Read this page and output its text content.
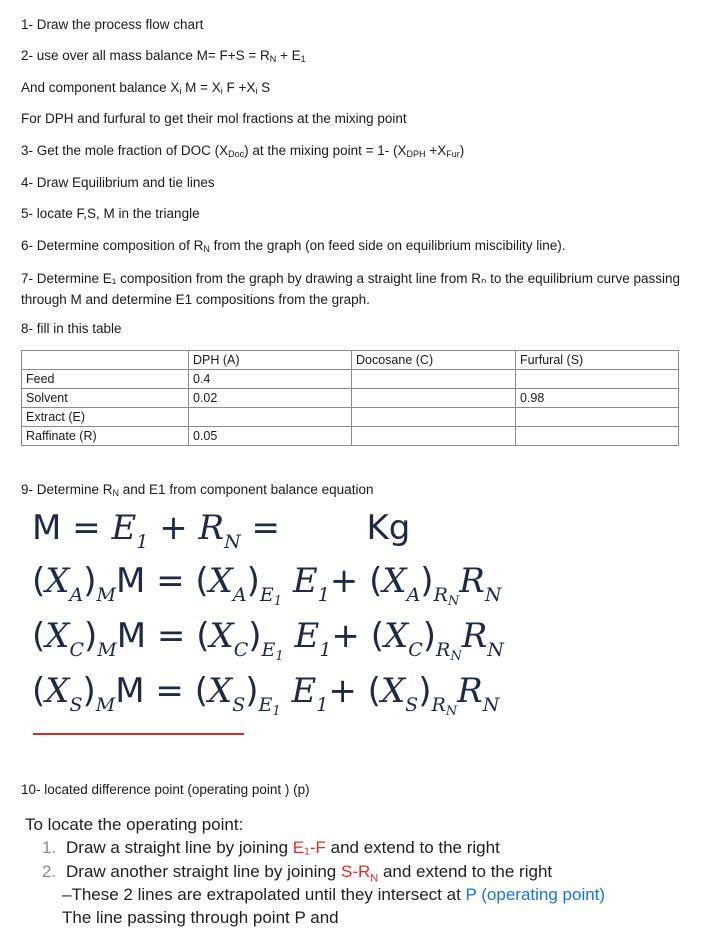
1- Draw the process flow chart
2- use over all mass balance $M= F+S = R_N + E_1$
And component balance $X_i$ $M = X_i$ $F +X_i$ S
For DPH and furfural to get their mol fractions at the mixing point
3- Get the mole fraction of DOC $(X_{Doc})$ at the mixing point = 1- $(X_{DPH} +X_{Fur})$
4- Draw Equilibrium and tie lines
5- locate F,S, M in the triangle
6- Determine composition of $R_N$ from the graph (on feed side on equilibrium miscibility line).
7- Determine E₁ composition from the graph by drawing a straight line from Rₙ to the equilibrium curve passing through M and determine E1 compositions from the graph.
8- fill in this table
	DPH (A)	Docosane (C)	Furfural (S)
Feed	0.4		
Solvent	0.02		0.98
Extract (E)			
Raffinate (R)	0.05		
9- Determine $R_N$ and E1 from component balance equation
$M = E_1 + R_N$ =        Kg
$(X_A)_MM = (X_A)_{E_1}$ $E_1+ (X_A)_{R_N}R_N$
$(X_C)_MM = (X_C)_{E_1}$ $E_1+ (X_C)_{R_N}R_N$
$(X_S)_MM = (X_S)_{E_1}$ $E_1+ (X_S)_{R_N}R_N$
10- located difference point (operating point ) (p)
To locate the operating point:
1. Draw a straight line by joining E₁-F and extend to the right
2. Draw another straight line by joining $S-R_N$ and extend to the right
–These 2 lines are extrapolated until they intersect at P (operating point)
The line passing through point P and
